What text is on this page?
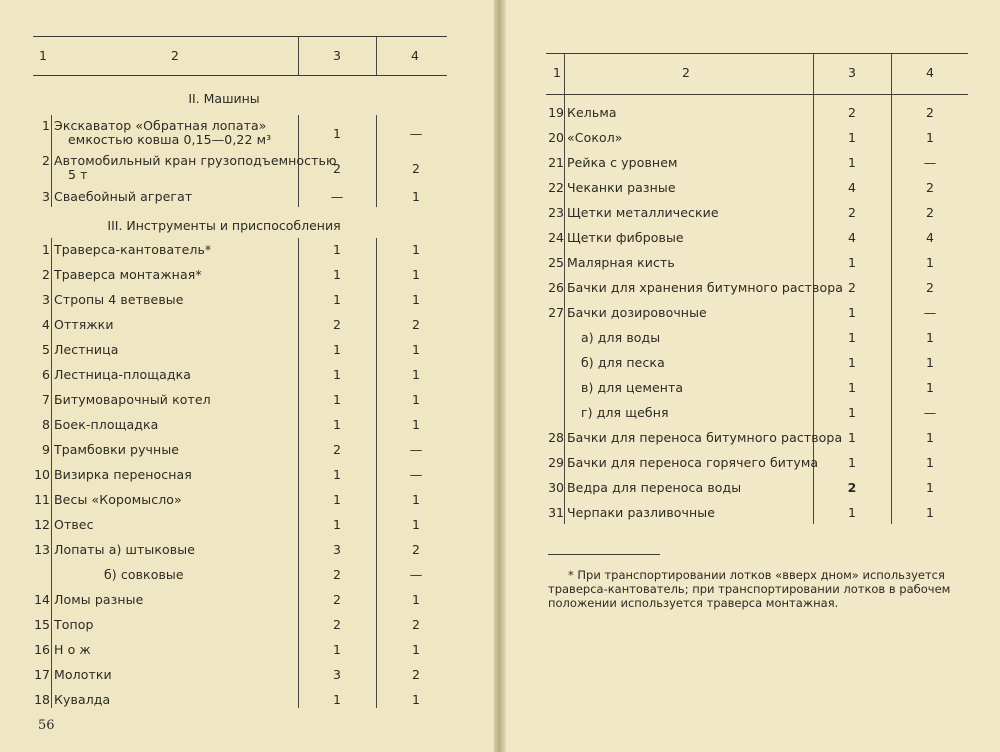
1	2	3	4
II. Машины
1 Экскаватор «Обратная лопата»
емкостью ковша 0,15—0,22 м³	1	—
2 Автомобильный кран грузоподъемностью
5 т	2	2
3 Сваебойный агрегат	—	1
III. Инструменты и приспособления
1 Траверса-кантователь*	1	1
2 Траверса монтажная*	1	1
3 Стропы 4 ветвевые	1	1
4 Оттяжки	2	2
5 Лестница	1	1
6 Лестница-площадка	1	1
7 Битумоварочный котел	1	1
8 Боек-площадка	1	1
9 Трамбовки ручные	2	—
10 Визирка переносная	1	—
11 Весы «Коромысло»	1	1
12 Отвес	1	1
13 Лопаты а) штыковые	3	2
б) совковые	2	—
14 Ломы разные	2	1
15 Топор	2	2
16 Н о ж	1	1
17 Молотки	3	2
18 Кувалда	1	1
56
1	2	3	4
19 Кельма	2	2
20 «Сокол»	1	1
21 Рейка с уровнем	1	—
22 Чеканки разные	4	2
23 Щетки металлические	2	2
24 Щетки фибровые	4	4
25 Малярная кисть	1	1
26 Бачки для хранения битумного раствора 2	2
27 Бачки дозировочные	1	—
а) для воды	1	1
б) для песка	1	1
в) для цемента	1	1
г) для щебня	1	—
28 Бачки для переноса битумного раствора 1	1
29 Бачки для переноса горячего битума	1	1
30 Ведра для переноса воды	2	1
31 Черпаки разливочные	1	1
* При транспортировании лотков «вверх дном» используется
траверса-кантователь; при транспортировании лотков в рабочем
положении используется траверса монтажная.
